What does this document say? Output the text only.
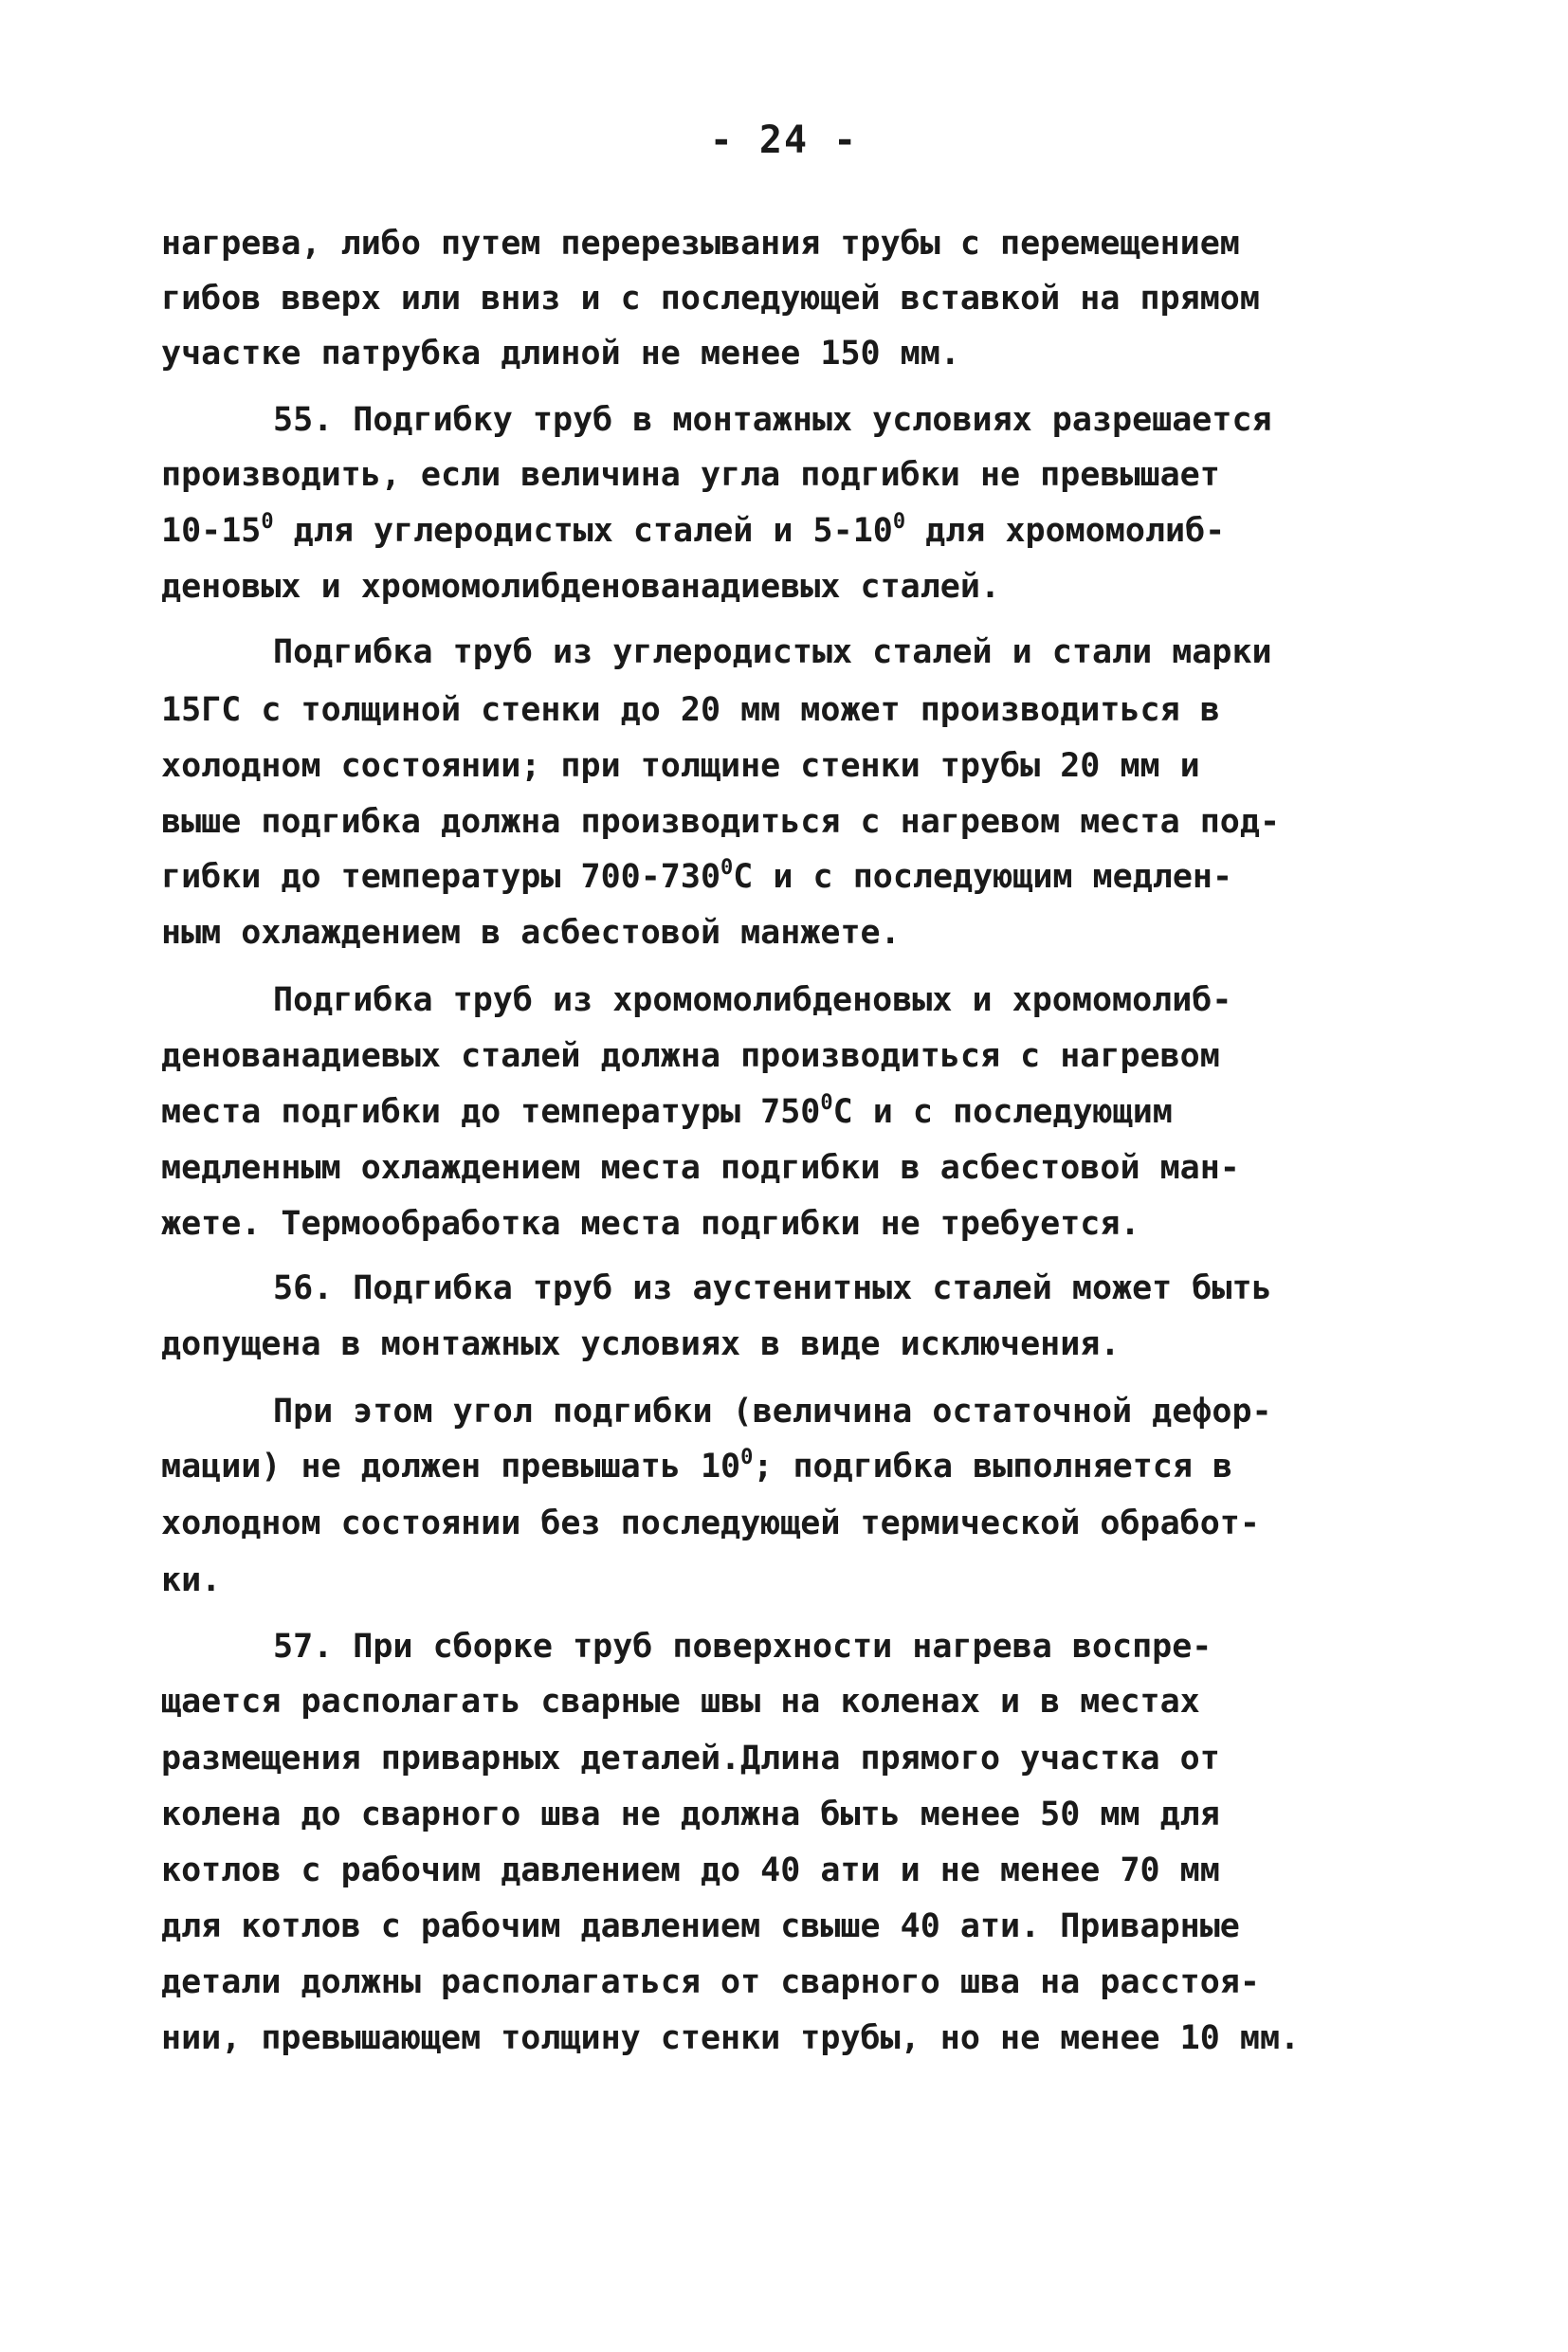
- 24 -
нагрева, либо путем перерезывания трубы с перемещением
гибов вверх или вниз и с последующей вставкой на прямом
участке патрубка длиной не менее 150 мм.
55. Подгибку труб в монтажных условиях разрешается
производить, если величина угла подгибки не превышает
$10-15^0$ для углеродистых сталей и $5-10^0$ для хромомолиб-
деновых и хромомолибденованадиевых сталей.
Подгибка труб из углеродистых сталей и стали марки
15ГС с толщиной стенки до 20 мм может производиться в
холодном состоянии; при толщине стенки трубы 20 мм и
выше подгибка должна производиться с нагревом места под-
гибки до температуры $700-730^0С$ и с последующим медлен-
ным охлаждением в асбестовой манжете.
Подгибка труб из хромомолибденовых и хромомолиб-
денованадиевых сталей должна производиться с нагревом
места подгибки до температуры $750^0С$ и с последующим
медленным охлаждением места подгибки в асбестовой ман-
жете. Термообработка места подгибки не требуется.
56. Подгибка труб из аустенитных сталей может быть
допущена в монтажных условиях в виде исключения.
При этом угол подгибки (величина остаточной дефор-
мации) не должен превышать $10^0$; подгибка выполняется в
холодном состоянии без последующей термической обработ-
ки.
57. При сборке труб поверхности нагрева воспре-
щается располагать сварные швы на коленах и в местах
размещения приварных деталей.Длина прямого участка от
колена до сварного шва не должна быть менее 50 мм для
котлов с рабочим давлением до 40 ати и не менее 70 мм
для котлов с рабочим давлением свыше 40 ати. Приварные
детали должны располагаться от сварного шва на расстоя-
нии, превышающем толщину стенки трубы, но не менее 10 мм.
